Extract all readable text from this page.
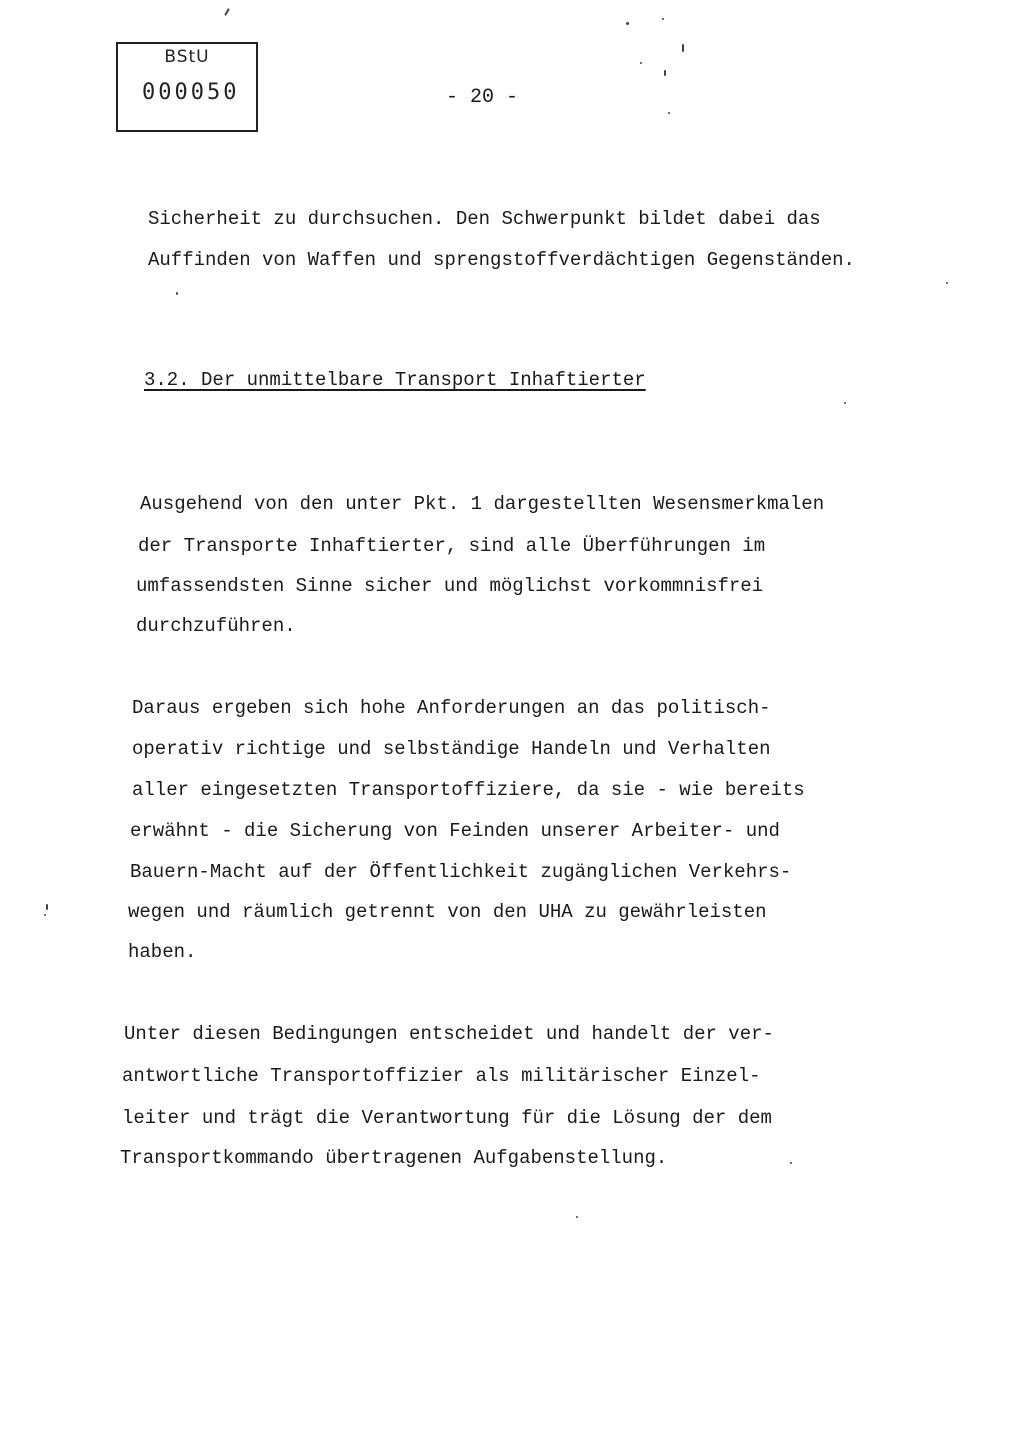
BStU
000050	- 20 -
Sicherheit zu durchsuchen. Den Schwerpunkt bildet dabei das
Auffinden von Waffen und sprengstoffverdächtigen Gegenständen.
3.2. Der unmittelbare Transport Inhaftierter
Ausgehend von den unter Pkt. 1 dargestellten Wesensmerkmalen
der Transporte Inhaftierter, sind alle Überführungen im
umfassendsten Sinne sicher und möglichst vorkommnisfrei
durchzuführen.
Daraus ergeben sich hohe Anforderungen an das politisch-
operativ richtige und selbständige Handeln und Verhalten
aller eingesetzten Transportoffiziere, da sie - wie bereits
erwähnt - die Sicherung von Feinden unserer Arbeiter- und
Bauern-Macht auf der Öffentlichkeit zugänglichen Verkehrs-
wegen und räumlich getrennt von den UHA zu gewährleisten
haben.
Unter diesen Bedingungen entscheidet und handelt der ver-
antwortliche Transportoffizier als militärischer Einzel-
leiter und trägt die Verantwortung für die Lösung der dem
Transportkommando übertragenen Aufgabenstellung.
